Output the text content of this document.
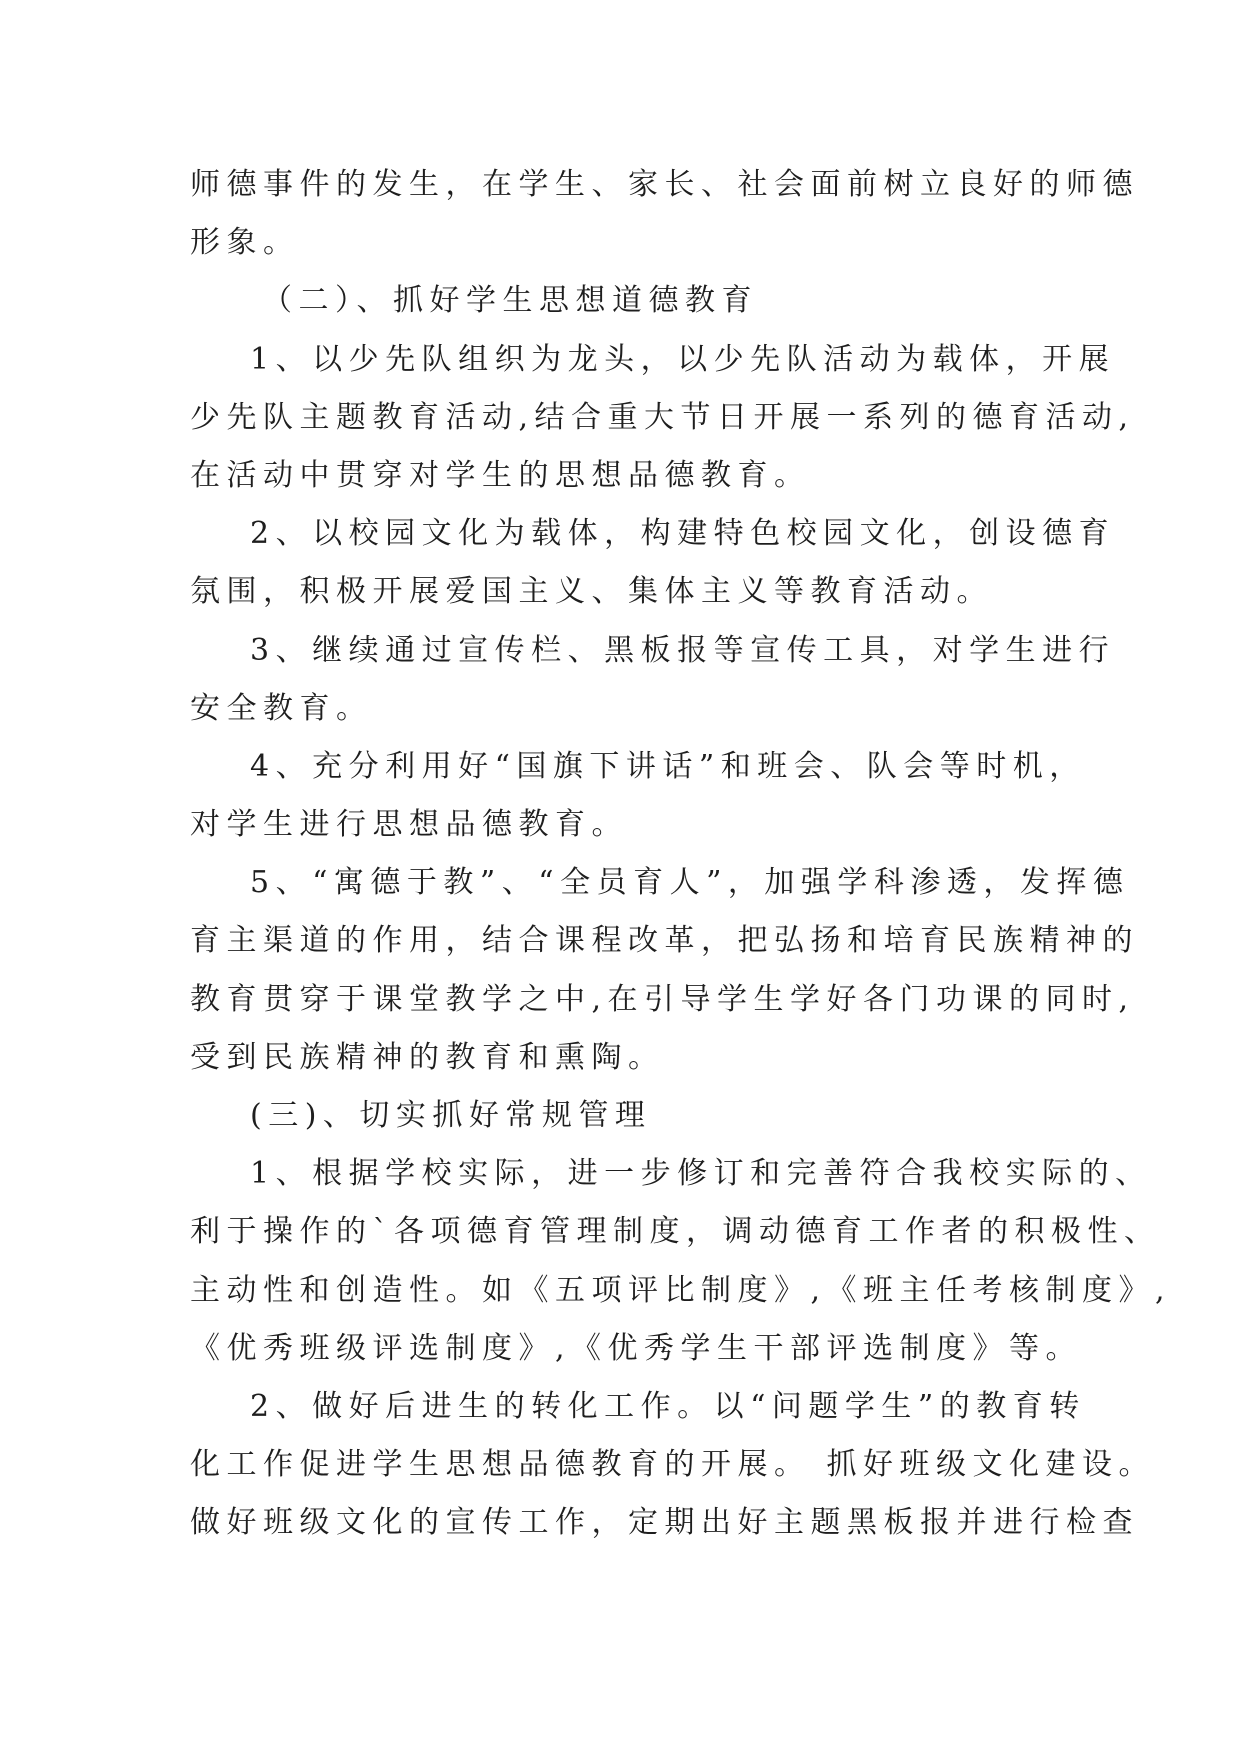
师德事件的发生，在学生、家长、社会面前树立良好的师德
形象。
（二）、抓好学生思想道德教育
1、以少先队组织为龙头，以少先队活动为载体，开展
少先队主题教育活动,结合重大节日开展一系列的德育活动,
在活动中贯穿对学生的思想品德教育。
2、以校园文化为载体，构建特色校园文化，创设德育
氛围，积极开展爱国主义、集体主义等教育活动。
3、继续通过宣传栏、黑板报等宣传工具，对学生进行
安全教育。
4、充分利用好“国旗下讲话”和班会、队会等时机，
对学生进行思想品德教育。
5、“寓德于教”、“全员育人”，加强学科渗透，发挥德
育主渠道的作用，结合课程改革，把弘扬和培育民族精神的
教育贯穿于课堂教学之中,在引导学生学好各门功课的同时,
受到民族精神的教育和熏陶。
(三)、切实抓好常规管理
1、根据学校实际，进一步修订和完善符合我校实际的、
利于操作的`各项德育管理制度，调动德育工作者的积极性、
主动性和创造性。如《五项评比制度》,《班主任考核制度》,
《优秀班级评选制度》,《优秀学生干部评选制度》等。
2、做好后进生的转化工作。以“问题学生”的教育转
化工作促进学生思想品德教育的开展。 抓好班级文化建设。
做好班级文化的宣传工作，定期出好主题黑板报并进行检查
